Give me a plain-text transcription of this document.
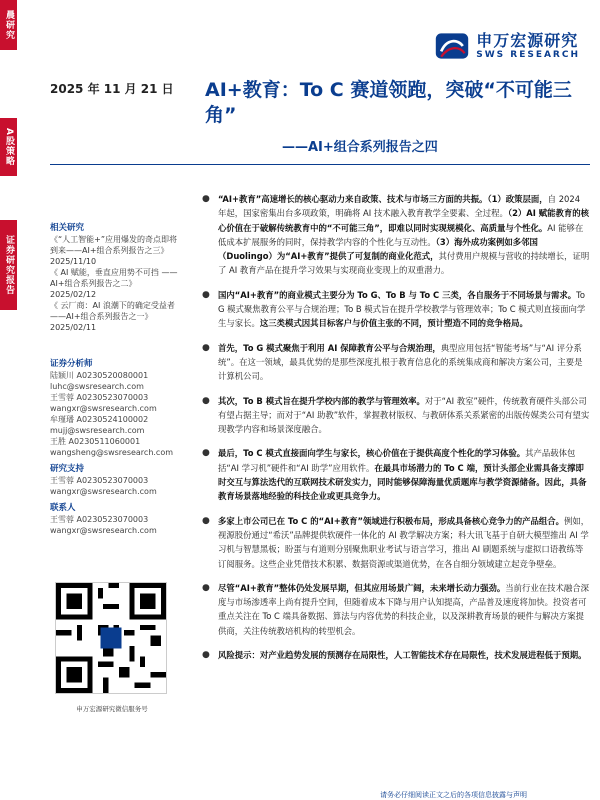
晨研究
A股策略
证券研究报告
申万宏源研究
SWS RESEARCH
2025 年 11 月 21 日 AI+教育：To C 赛道领跑，突破“不可能三角”
——AI+组合系列报告之四
相关研究
《“人工智能+”应用爆发的奇点即将到来——AI+组合系列报告之三》 2025/11/10
《 AI 赋能，垂直应用势不可挡 ——AI+组合系列报告之二》2025/02/12
《 云厂商：AI 浪潮下的确定受益者——AI+组合系列报告之一》2025/02/11
证券分析师
陆颖川 A0230520080001
luhc@swsresearch.com
王雪蓉 A0230523070003
wangxr@swsresearch.com
牟瑾璠 A0230524100002
mujj@swsresearch.com
王胜 A0230511060001
wangsheng@swsresearch.com
研究支持
王雪蓉 A0230523070003
wangxr@swsresearch.com
联系人
王雪蓉 A0230523070003
wangxr@swsresearch.com
申万宏源研究微信服务号
● “AI+教育”高速增长的核心驱动力来自政策、技术与市场三方面的共振。（1）政策层面，自 2024 年起，国家密集出台多项政策，明确将 AI 技术融入教育教学全要素、全过程。（2）AI 赋能教育的核心价值在于破解传统教育中的“不可能三角”，即难以同时实现规模化、高质量与个性化。AI 能够在低成本扩展服务的同时，保持教学内容的个性化与互动性。（3）海外成功案例如多邻国（Duolingo）为“AI+教育”提供了可复制的商业化范式，其付费用户规模与营收的持续增长，证明了 AI 教育产品在提升学习效果与实现商业变现上的双重潜力。
● 国内“AI+教育”的商业模式主要分为 To G、To B 与 To C 三类，各自服务于不同场景与需求。To G 模式聚焦教育公平与合规治理；To B 模式旨在提升学校教学与管理效率；To C 模式则直接面向学生与家长。这三类模式因其目标客户与价值主张的不同，预计塑造不同的竞争格局。
● 首先，To G 模式聚焦于利用 AI 保障教育公平与合规治理，典型应用包括“智能考场”与“AI 评分系统”。在这一领域，最具优势的是那些深度扎根于教育信息化的系统集成商和解决方案公司，主要是计算机公司。
● 其次，To B 模式旨在提升学校内部的教学与管理效率。对于“AI 教室”硬件，传统教育硬件头部公司有望占据主导；而对于“AI 助教”软件，掌握教材版权、与教研体系关系紧密的出版传媒类公司有望实现教学内容和场景深度融合。
● 最后，To C 模式直接面向学生与家长，核心价值在于提供高度个性化的学习体验。其产品载体包括“AI 学习机”硬件和“AI 助学”应用软件。在最具市场潜力的 To C 端，预计头部企业需具备支撑即时交互与算法迭代的互联网技术研发实力，同时能够保障海量优质题库与教学资源储备。因此，具备教育场景落地经验的科技企业或更具竞争力。
● 多家上市公司已在 To C 的“AI+教育”领域进行积极布局，形成具备核心竞争力的产品组合。例如，视源股份通过“希沃”品牌提供软硬件一体化的 AI 教学解决方案；科大讯飞基于自研大模型推出 AI 学习机与智慧黑板；盼蛋与有道则分别聚焦职业考试与语言学习，推出 AI 刷题系统与虚拟口语教练等订阅服务。这些企业凭借技术积累、数据资源或渠道优势，在各自细分领域建立起竞争壁垒。
● 尽管“AI+教育”整体仍处发展早期，但其应用场景广阔，未来增长动力强劲。当前行业在技术融合深度与市场渗透率上尚有提升空间，但随着成本下降与用户认知提高，产品普及速度将加快。投资者可重点关注在 To C 端具备数据、算法与内容优势的科技企业，以及深耕教育场景的硬件与解决方案提供商，关注传统教培机构的转型机会。
● 风险提示：对产业趋势发展的预测存在局限性，人工智能技术存在局限性，技术发展进程低于预期。
请务必仔细阅读正文之后的各项信息披露与声明
